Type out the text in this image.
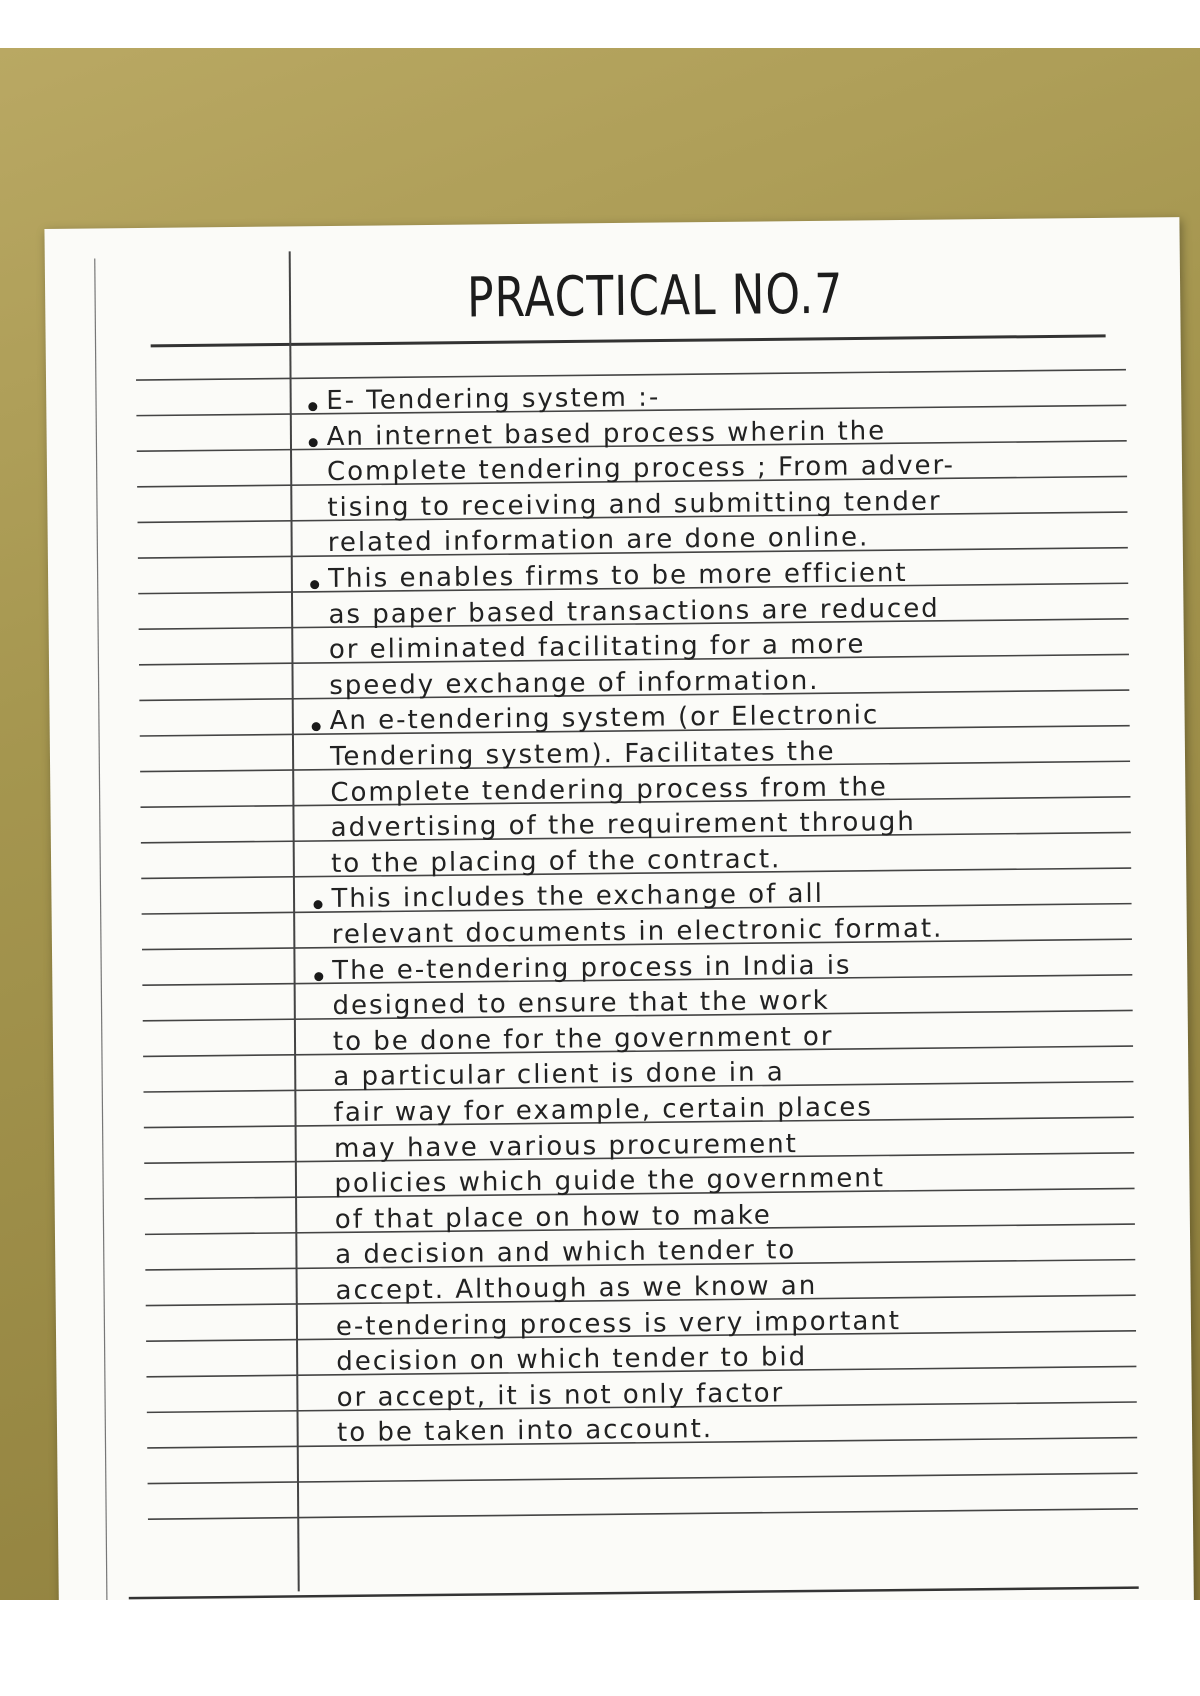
PRACTICAL NO.7
E- Tendering system :-
An internet based process wherin the
Complete tendering process ; From adver-
tising to receiving and submitting tender
related information are done online.
This enables firms to be more efficient
as paper based transactions are reduced
or eliminated facilitating for a more
speedy exchange of information.
An e-tendering system (or Electronic
Tendering system). Facilitates the
Complete tendering process from the
advertising of the requirement through
to the placing of the contract.
This includes the exchange of all
relevant documents in electronic format.
The e-tendering process in India is
designed to ensure that the work
to be done for the government or
a particular client is done in a
fair way for example, certain places
may have various procurement
policies which guide the government
of that place on how to make
a decision and which tender to
accept. Although as we know an
e-tendering process is very important
decision on which tender to bid
or accept, it is not only factor
to be taken into account.
